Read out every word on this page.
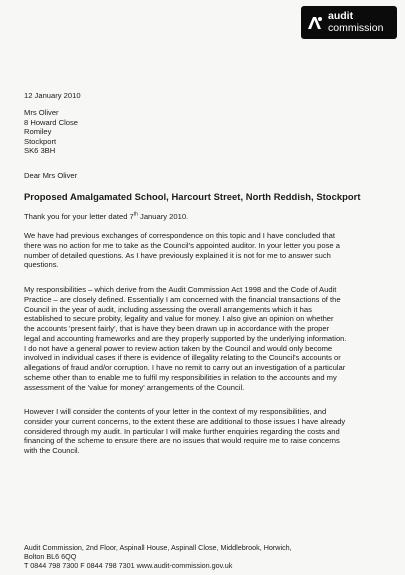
audit
commission
12 January 2010
Mrs Oliver
8 Howard Close
Romiley
Stockport
SK6 3BH
Dear Mrs Oliver
Proposed Amalgamated School, Harcourt Street, North Reddish, Stockport
Thank you for your letter dated 7th January 2010.
We have had previous exchanges of correspondence on this topic and I have concluded that
there was no action for me to take as the Council's appointed auditor. In your letter you pose a
number of detailed questions. As I have previously explained it is not for me to answer such
questions.
My responsibilities – which derive from the Audit Commission Act 1998 and the Code of Audit
Practice – are closely defined. Essentially I am concerned with the financial transactions of the
Council in the year of audit, including assessing the overall arrangements which it has
established to secure probity, legality and value for money. I also give an opinion on whether
the accounts 'present fairly', that is have they been drawn up in accordance with the proper
legal and accounting frameworks and are they properly supported by the underlying information.
I do not have a general power to review action taken by the Council and would only become
involved in individual cases if there is evidence of illegality relating to the Council's accounts or
allegations of fraud and/or corruption. I have no remit to carry out an investigation of a particular
scheme other than to enable me to fulfil my responsibilities in relation to the accounts and my
assessment of the 'value for money' arrangements of the Council.
However I will consider the contents of your letter in the context of my responsibilities, and
consider your current concerns, to the extent these are additional to those issues I have already
considered through my audit. In particular I will make further enquiries regarding the costs and
financing of the scheme to ensure there are no issues that would require me to raise concerns
with the Council.
Audit Commission, 2nd Floor, Aspinall House, Aspinall Close, Middlebrook, Horwich,
Bolton BL6 6QQ
T 0844 798 7300 F 0844 798 7301 www.audit-commission.gov.uk
